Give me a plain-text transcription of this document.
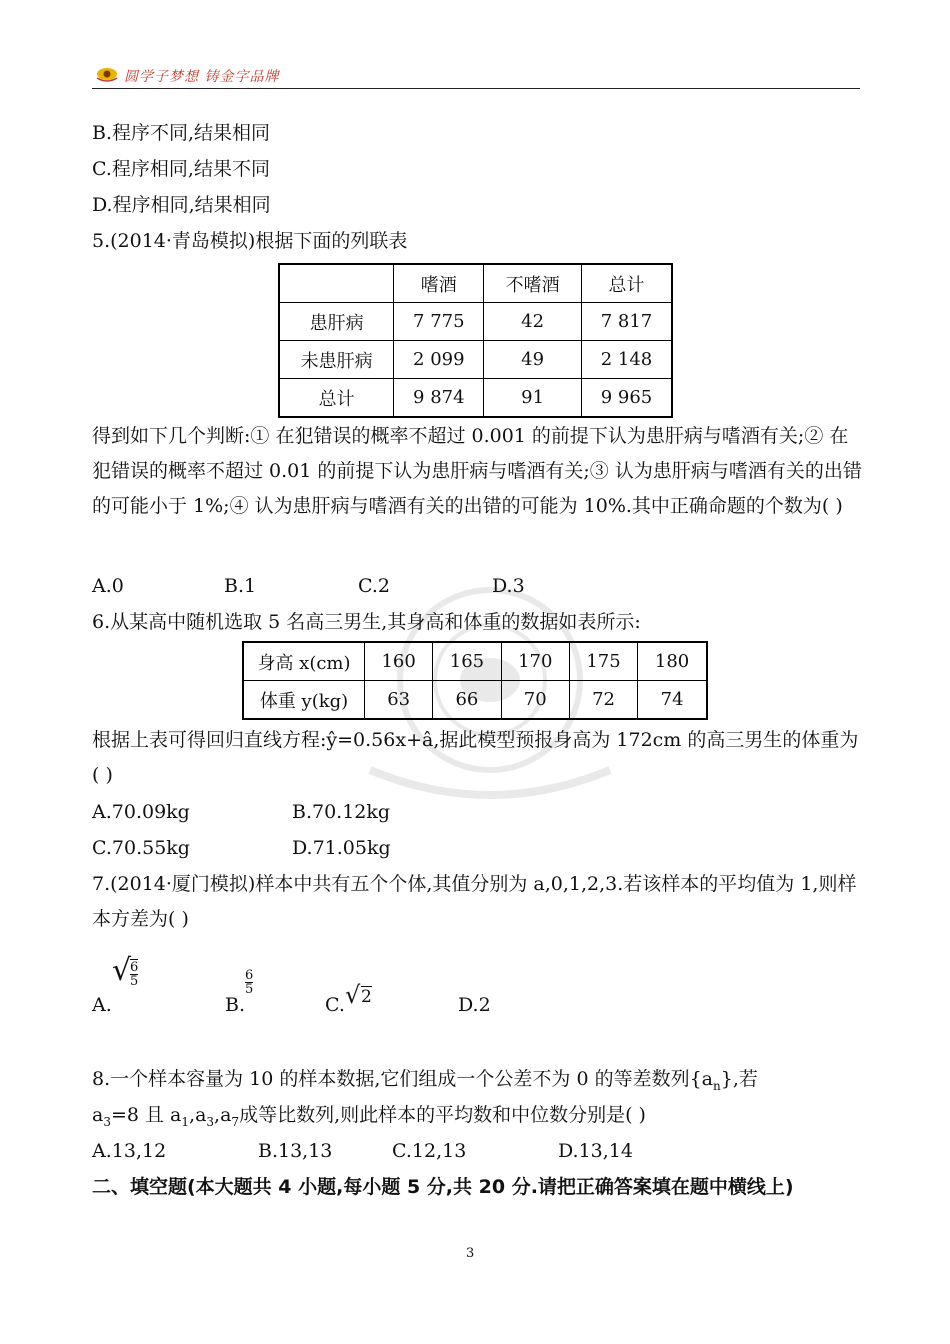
圆学子梦想 铸金字品牌
B.程序不同,结果相同
C.程序相同,结果不同
D.程序相同,结果相同
5.(2014·青岛模拟)根据下面的列联表
	嗜酒	不嗜酒	总计
患肝病	7 775	42	7 817
未患肝病	2 099	49	2 148
总计	9 874	91	9 965
得到如下几个判断:① 在犯错误的概率不超过 0.001 的前提下认为患肝病与嗜酒有关;② 在犯错误的概率不超过 0.01 的前提下认为患肝病与嗜酒有关;③ 认为患肝病与嗜酒有关的出错的可能小于 1%;④ 认为患肝病与嗜酒有关的出错的可能为 10%.其中正确命题的个数为( )
A.0	B.1	C.2	D.3
6.从某高中随机选取 5 名高三男生,其身高和体重的数据如表所示:
身高 x(cm)	160	165	170	175	180
体重 y(kg)	63	66	70	72	74
根据上表可得回归直线方程:ŷ=0.56x+â,据此模型预报身高为 172cm 的高三男生的体重为( )
A.70.09kg	B.70.12kg
C.70.55kg	D.71.05kg
7.(2014·厦门模拟)样本中共有五个个体,其值分别为 a,0,1,2,3.若该样本的平均值为 1,则样本方差为( )
A.
√
$\frac{6}{5}$
B.
$\frac{6}{5}$
C. √ 2	D.2
8.一个样本容量为 10 的样本数据,它们组成一个公差不为 0 的等差数列$\{a_n\}$,若
$a_3=8$ 且 $a_1,a_3,a_7$成等比数列,则此样本的平均数和中位数分别是( )
A.13,12	B.13,13	C.12,13	D.13,14
二、填空题(本大题共 4 小题,每小题 5 分,共 20 分.请把正确答案填在题中横线上)
3
